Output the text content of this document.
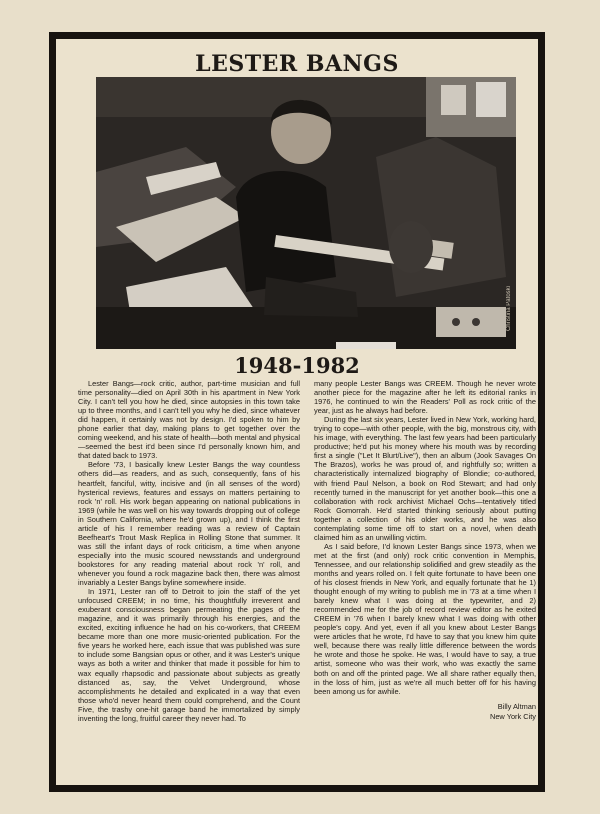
LESTER BANGS
Christina Patoski
1948-1982

Lester Bangs—rock critic, author, part-time musician and full time personality—died on April 30th in his apartment in New York City. I can't tell you how he died, since autopsies in this town take up to three months, and I can't tell you why he died, since whatever did happen, it certainly was not by design. I'd spoken to him by phone earlier that day, making plans to get together over the coming weekend, and his state of health—both mental and physical—seemed the best it'd been since I'd personally known him, and that dated back to 1973.

Before '73, I basically knew Lester Bangs the way countless others did—as readers, and as such, consequently, fans of his heartfelt, fanciful, witty, incisive and (in all senses of the word) hysterical reviews, features and essays on matters pertaining to rock 'n' roll. His work began appearing on national publications in 1969 (while he was well on his way towards dropping out of college in Southern California, where he'd grown up), and I think the first article of his I remember reading was a review of Captain Beefheart's Trout Mask Replica in Rolling Stone that summer. It was still the infant days of rock criticism, a time when anyone especially into the music scoured newsstands and underground bookstores for any reading material about rock 'n' roll, and whenever you found a rock magazine back then, there was almost invariably a Lester Bangs byline somewhere inside.

In 1971, Lester ran off to Detroit to join the staff of the yet unfocused CREEM; in no time, his thoughtfully irreverent and exuberant consciousness began permeating the pages of the magazine, and it was primarily through his energies, and the excited, exciting influence he had on his co-workers, that CREEM became more than one more music-oriented publication. For the five years he worked here, each issue that was published was sure to include some Bangsian opus or other, and it was Lester's unique ways as both a writer and thinker that made it possible for him to wax equally rhapsodic and passionate about subjects as greatly distanced as, say, the Velvet Underground, whose accomplishments he detailed and explicated in a way that even those who'd never heard them could comprehend, and the Count Five, the trashy one-hit garage band he immortalized by simply inventing the long, fruitful career they never had. To

many people Lester Bangs was CREEM. Though he never wrote another piece for the magazine after he left its editorial ranks in 1976, he continued to win the Readers' Poll as rock critic of the year, just as he always had before.

During the last six years, Lester lived in New York, working hard, trying to cope—with other people, with the big, monstrous city, with his image, with everything. The last few years had been particularly productive; he'd put his money where his mouth was by recording first a single ("Let It Blurt/Live"), then an album (Jook Savages On The Brazos), works he was proud of, and rightfully so; written a characteristically internalized biography of Blondie; co-authored, with friend Paul Nelson, a book on Rod Stewart; and had only recently turned in the manuscript for yet another book—this one a collaboration with rock archivist Michael Ochs—tentatively titled Rock Gomorrah. He'd started thinking seriously about putting together a collection of his older works, and he was also contemplating some time off to start on a novel, when death claimed him as an unwilling victim.

As I said before, I'd known Lester Bangs since 1973, when we met at the first (and only) rock critic convention in Memphis, Tennessee, and our relationship solidified and grew steadily as the months and years rolled on. I felt quite fortunate to have been one of his closest friends in New York, and equally fortunate that he 1) thought enough of my writing to publish me in '73 at a time when I barely knew what I was doing at the typewriter, and 2) recommended me for the job of record review editor as he exited CREEM in '76 when I barely knew what I was doing with other people's copy. And yet, even if all you knew about Lester Bangs were articles that he wrote, I'd have to say that you knew him quite well, because there was really little difference between the words he wrote and those he spoke. He was, I would have to say, a true artist, someone who was their work, who was exactly the same both on and off the printed page. We all share rather equally then, in the loss of him, just as we're all much better off for his having been among us for awhile.

Billy Altman
New York City
